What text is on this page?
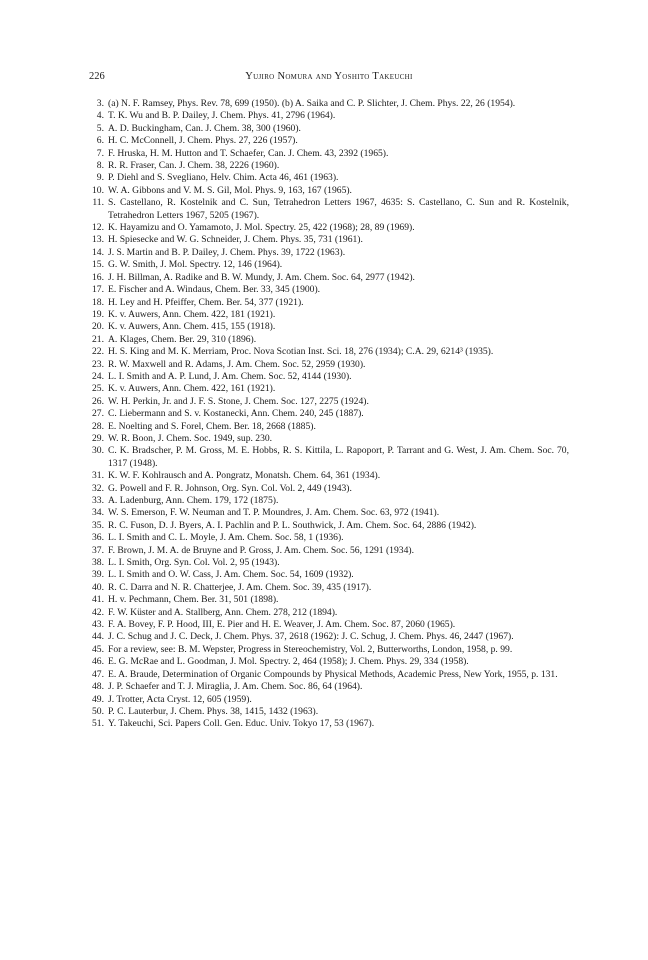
226	Yujiro Nomura and Yoshito Takeuchi
3. (a) N. F. Ramsey, Phys. Rev. 78, 699 (1950). (b) A. Saika and C. P. Slichter, J. Chem. Phys. 22, 26 (1954).
4. T. K. Wu and B. P. Dailey, J. Chem. Phys. 41, 2796 (1964).
5. A. D. Buckingham, Can. J. Chem. 38, 300 (1960).
6. H. C. McConnell, J. Chem. Phys. 27, 226 (1957).
7. F. Hruska, H. M. Hutton and T. Schaefer, Can. J. Chem. 43, 2392 (1965).
8. R. R. Fraser, Can. J. Chem. 38, 2226 (1960).
9. P. Diehl and S. Svegliano, Helv. Chim. Acta 46, 461 (1963).
10. W. A. Gibbons and V. M. S. Gil, Mol. Phys. 9, 163, 167 (1965).
11. S. Castellano, R. Kostelnik and C. Sun, Tetrahedron Letters 1967, 4635: S. Castellano, C. Sun and R. Kostelnik, Tetrahedron Letters 1967, 5205 (1967).
12. K. Hayamizu and O. Yamamoto, J. Mol. Spectry. 25, 422 (1968); 28, 89 (1969).
13. H. Spiesecke and W. G. Schneider, J. Chem. Phys. 35, 731 (1961).
14. J. S. Martin and B. P. Dailey, J. Chem. Phys. 39, 1722 (1963).
15. G. W. Smith, J. Mol. Spectry. 12, 146 (1964).
16. J. H. Billman, A. Radike and B. W. Mundy, J. Am. Chem. Soc. 64, 2977 (1942).
17. E. Fischer and A. Windaus, Chem. Ber. 33, 345 (1900).
18. H. Ley and H. Pfeiffer, Chem. Ber. 54, 377 (1921).
19. K. v. Auwers, Ann. Chem. 422, 181 (1921).
20. K. v. Auwers, Ann. Chem. 415, 155 (1918).
21. A. Klages, Chem. Ber. 29, 310 (1896).
22. H. S. King and M. K. Merriam, Proc. Nova Scotian Inst. Sci. 18, 276 (1934); C.A. 29, 6214³ (1935).
23. R. W. Maxwell and R. Adams, J. Am. Chem. Soc. 52, 2959 (1930).
24. L. I. Smith and A. P. Lund, J. Am. Chem. Soc. 52, 4144 (1930).
25. K. v. Auwers, Ann. Chem. 422, 161 (1921).
26. W. H. Perkin, Jr. and J. F. S. Stone, J. Chem. Soc. 127, 2275 (1924).
27. C. Liebermann and S. v. Kostanecki, Ann. Chem. 240, 245 (1887).
28. E. Noelting and S. Forel, Chem. Ber. 18, 2668 (1885).
29. W. R. Boon, J. Chem. Soc. 1949, sup. 230.
30. C. K. Bradscher, P. M. Gross, M. E. Hobbs, R. S. Kittila, L. Rapoport, P. Tarrant and G. West, J. Am. Chem. Soc. 70, 1317 (1948).
31. K. W. F. Kohlrausch and A. Pongratz, Monatsh. Chem. 64, 361 (1934).
32. G. Powell and F. R. Johnson, Org. Syn. Col. Vol. 2, 449 (1943).
33. A. Ladenburg, Ann. Chem. 179, 172 (1875).
34. W. S. Emerson, F. W. Neuman and T. P. Moundres, J. Am. Chem. Soc. 63, 972 (1941).
35. R. C. Fuson, D. J. Byers, A. I. Pachlin and P. L. Southwick, J. Am. Chem. Soc. 64, 2886 (1942).
36. L. I. Smith and C. L. Moyle, J. Am. Chem. Soc. 58, 1 (1936).
37. F. Brown, J. M. A. de Bruyne and P. Gross, J. Am. Chem. Soc. 56, 1291 (1934).
38. L. I. Smith, Org. Syn. Col. Vol. 2, 95 (1943).
39. L. I. Smith and O. W. Cass, J. Am. Chem. Soc. 54, 1609 (1932).
40. R. C. Darra and N. R. Chatterjee, J. Am. Chem. Soc. 39, 435 (1917).
41. H. v. Pechmann, Chem. Ber. 31, 501 (1898).
42. F. W. Küster and A. Stallberg, Ann. Chem. 278, 212 (1894).
43. F. A. Bovey, F. P. Hood, III, E. Pier and H. E. Weaver, J. Am. Chem. Soc. 87, 2060 (1965).
44. J. C. Schug and J. C. Deck, J. Chem. Phys. 37, 2618 (1962): J. C. Schug, J. Chem. Phys. 46, 2447 (1967).
45. For a review, see: B. M. Wepster, Progress in Stereochemistry, Vol. 2, Butterworths, London, 1958, p. 99.
46. E. G. McRae and L. Goodman, J. Mol. Spectry. 2, 464 (1958); J. Chem. Phys. 29, 334 (1958).
47. E. A. Braude, Determination of Organic Compounds by Physical Methods, Academic Press, New York, 1955, p. 131.
48. J. P. Schaefer and T. J. Miraglia, J. Am. Chem. Soc. 86, 64 (1964).
49. J. Trotter, Acta Cryst. 12, 605 (1959).
50. P. C. Lauterbur, J. Chem. Phys. 38, 1415, 1432 (1963).
51. Y. Takeuchi, Sci. Papers Coll. Gen. Educ. Univ. Tokyo 17, 53 (1967).
